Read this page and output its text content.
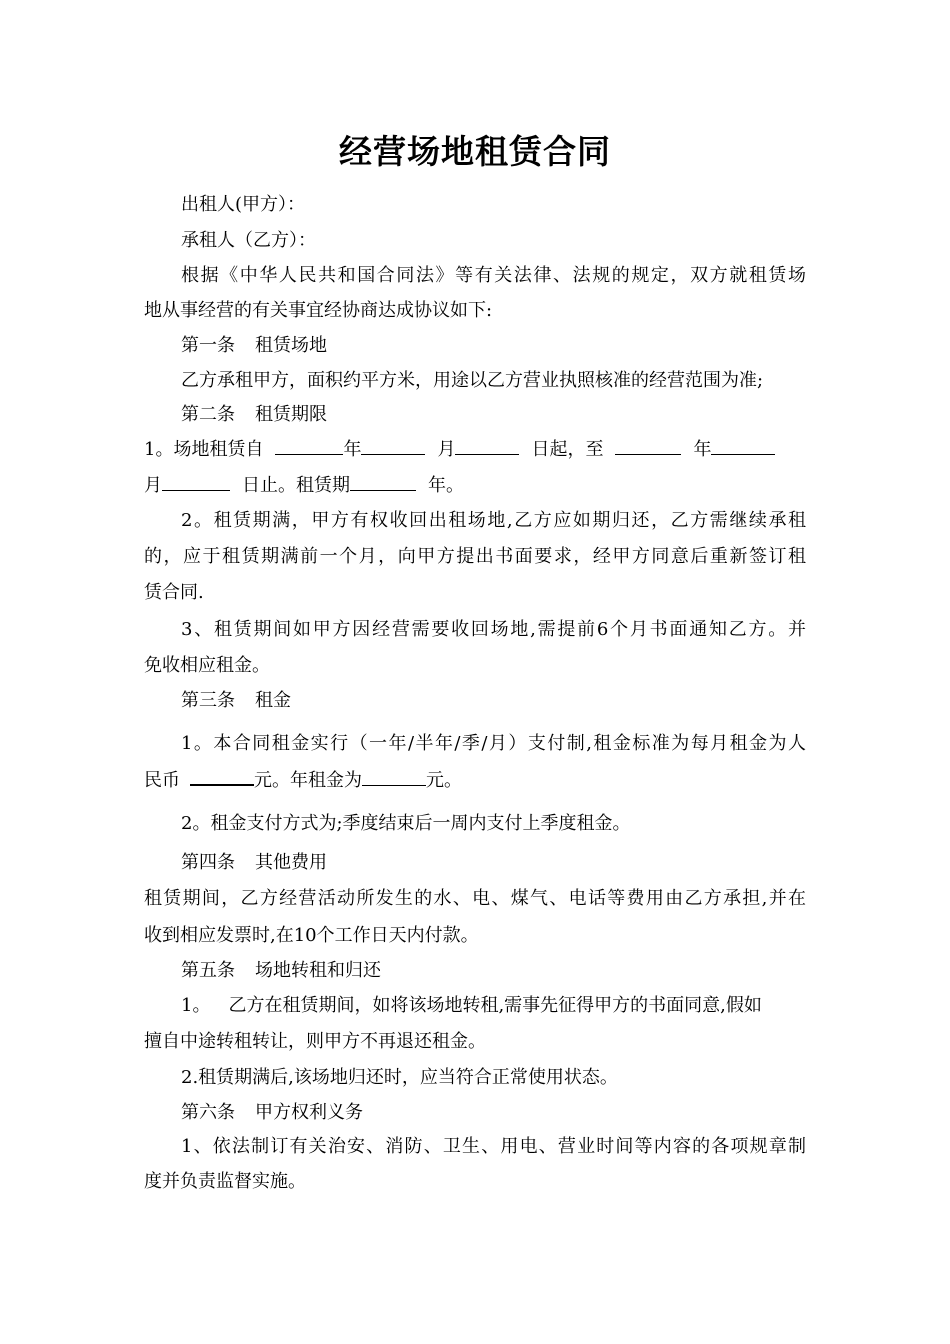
经营场地租赁合同

出租人(甲方）：

承租人（乙方）：

根据《中华人民共和国合同法》等有关法律、法规的规定，双方就租赁场

地从事经营的有关事宜经协商达成协议如下:

第一条 租赁场地

乙方承租甲方，面积约平方米，用途以乙方营业执照核准的经营范围为准;

第二条 租赁期限

1。场地租赁自	年	月	日起，至	年

月	日止。租赁期	年。

2。租赁期满，甲方有权收回出租场地,乙方应如期归还，乙方需继续承租

的，应于租赁期满前一个月，向甲方提出书面要求，经甲方同意后重新签订租

赁合同.

3、租赁期间如甲方因经营需要收回场地,需提前6个月书面通知乙方。并

免收相应租金。

第三条 租金

1。本合同租金实行（一年/半年/季/月）支付制,租金标准为每月租金为人

民币	元。年租金为	元。

2。租金支付方式为;季度结束后一周内支付上季度租金。

第四条 其他费用

租赁期间，乙方经营活动所发生的水、电、煤气、电话等费用由乙方承担,并在

收到相应发票时,在10个工作日天内付款。

第五条 场地转租和归还

1。 乙方在租赁期间，如将该场地转租,需事先征得甲方的书面同意,假如

擅自中途转租转让，则甲方不再退还租金。

2.租赁期满后,该场地归还时，应当符合正常使用状态。

第六条 甲方权利义务

1、依法制订有关治安、消防、卫生、用电、营业时间等内容的各项规章制

度并负责监督实施。
